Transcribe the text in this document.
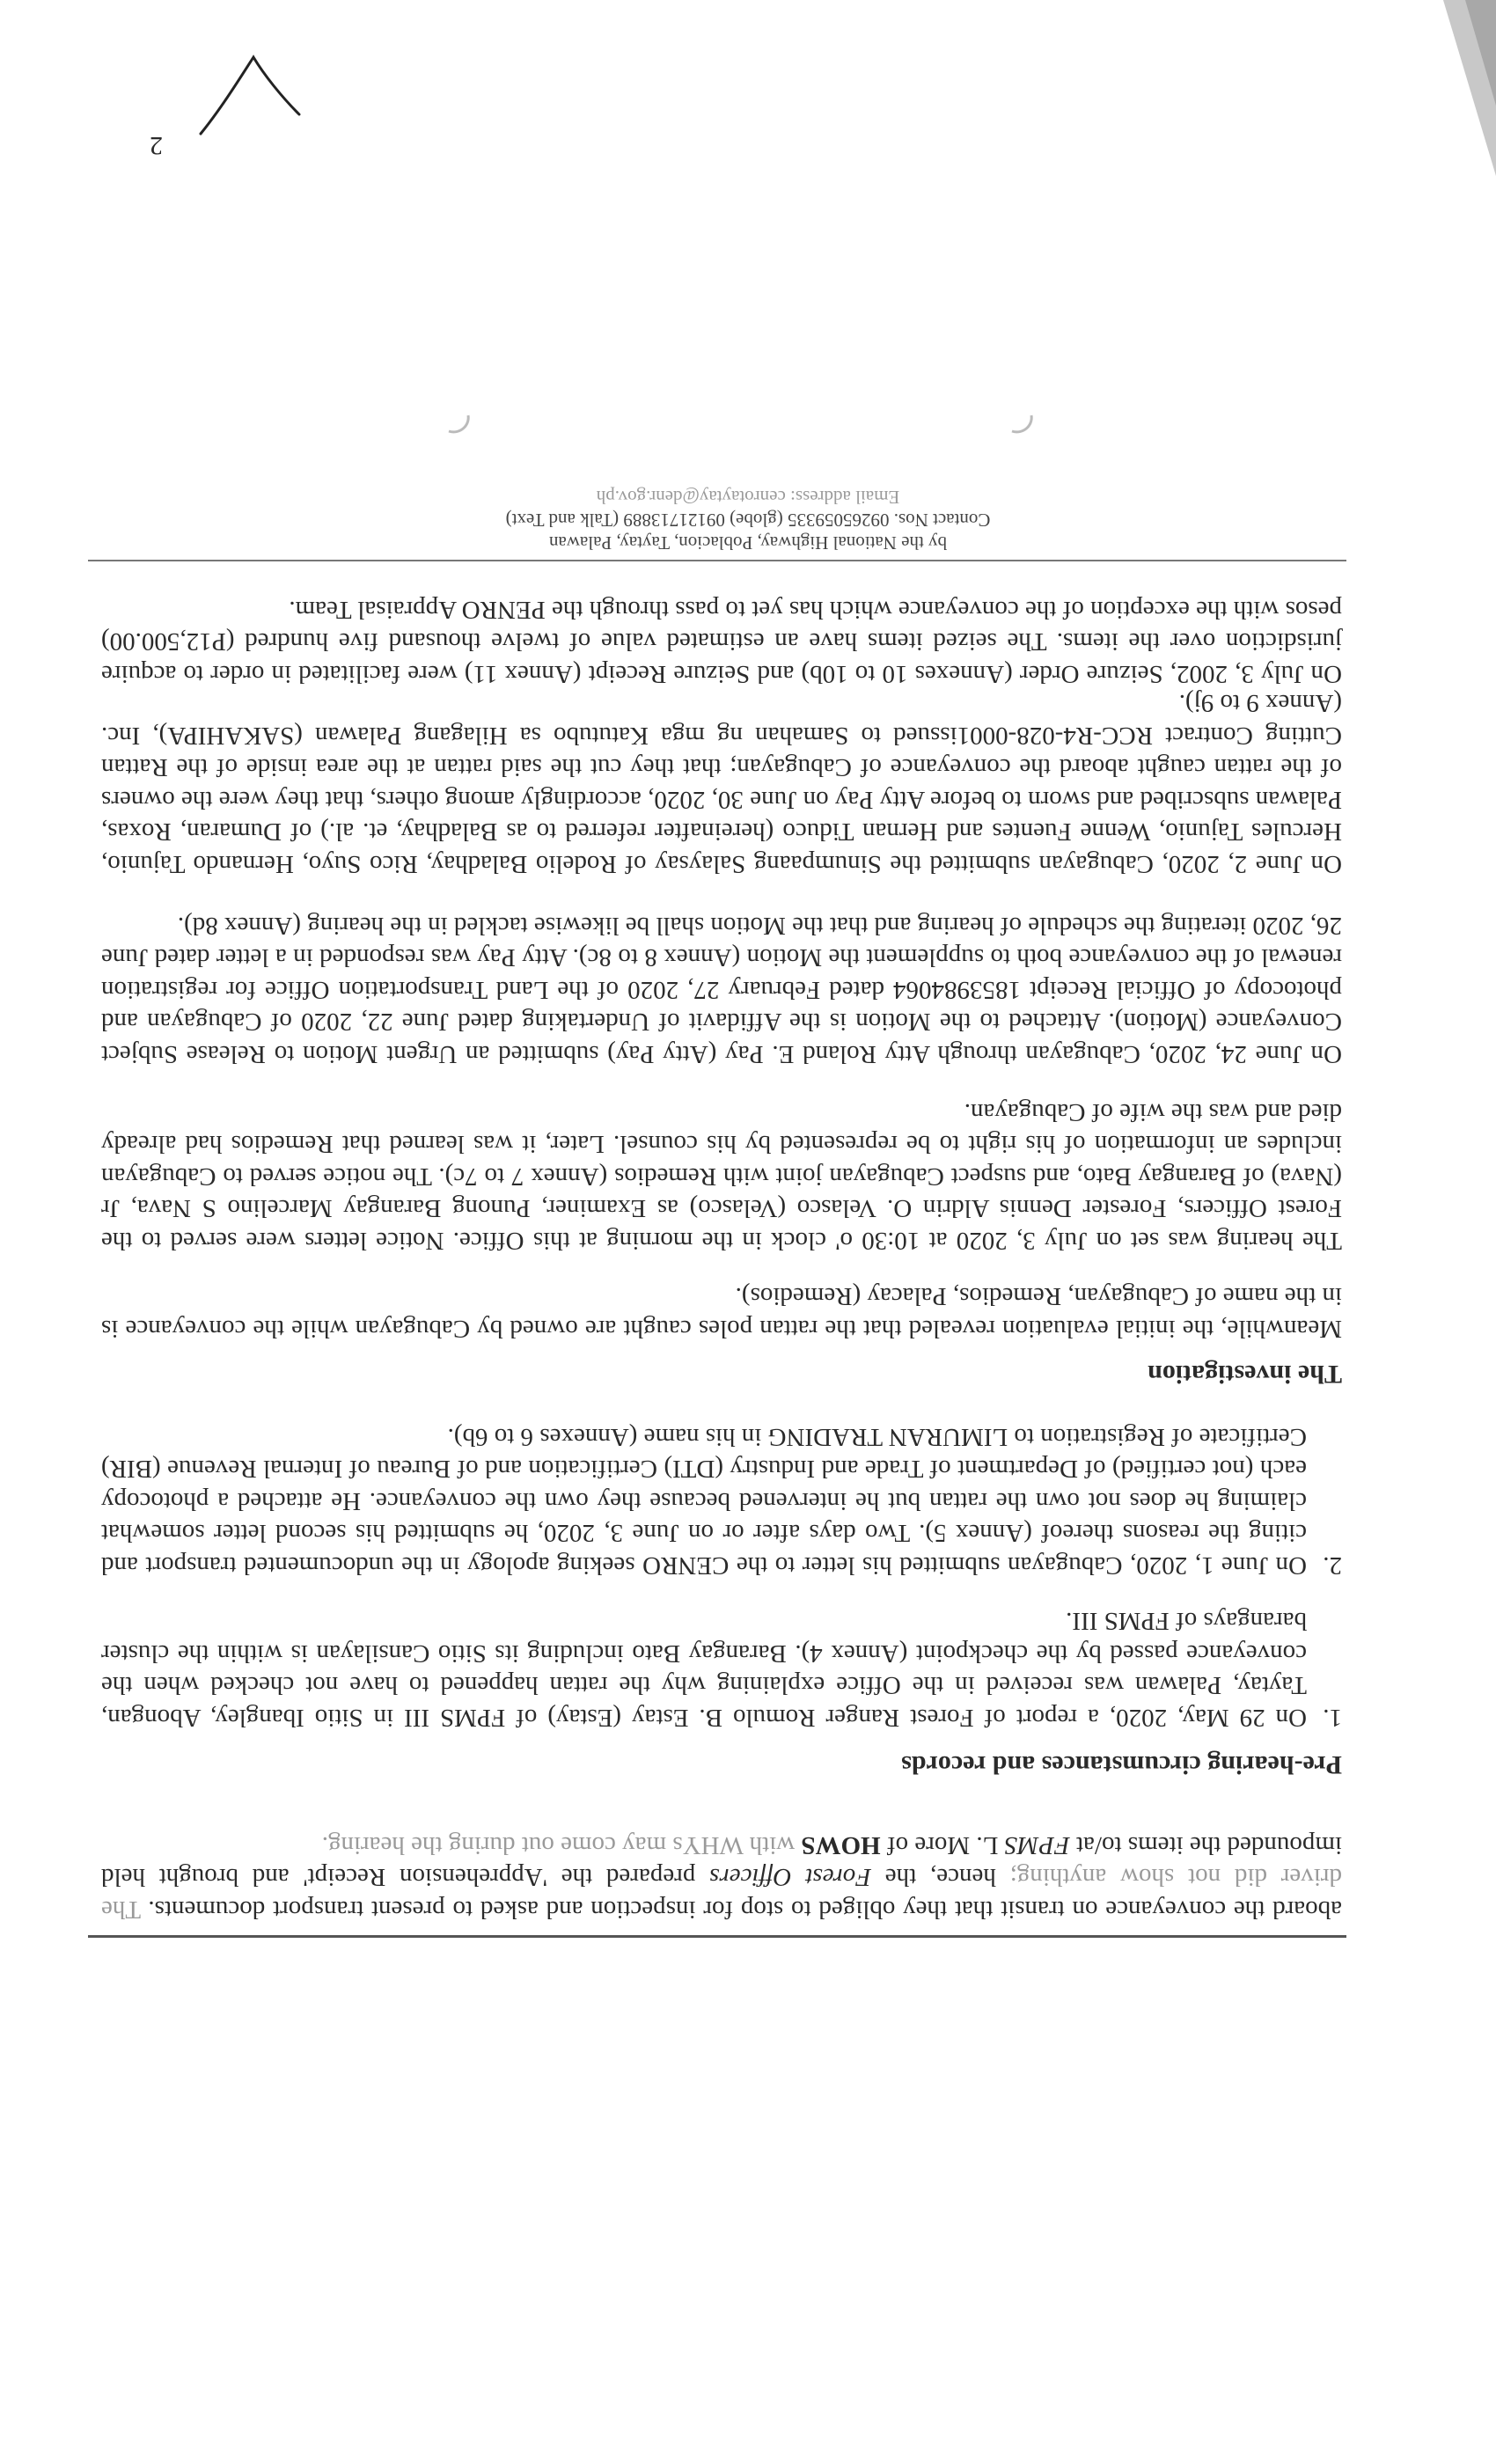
aboard the conveyance on transit that they obliged to stop for inspection and asked to present transport documents. The driver did not show anything; hence, the Forest Officers prepared the 'Apprehension Receipt' and brought held impounded the items to/at FPMS L. More of HOWS with WHYs may come out during the hearing.

Pre-hearing circumstances and records
1.

On 29 May, 2020, a report of Forest Ranger Romulo B. Estay (Estay) of FPMS III in Sitio Ibangley, Abongan, Taytay, Palawan was received in the Office explaining why the rattan happened to have not checked when the conveyance passed by the checkpoint (Annex 4). Barangay Bato including its Sitio Cansilayan is within the cluster barangays of FPMS III.

2.

On June 1, 2020, Cabugayan submitted his letter to the CENRO seeking apology in the undocumented transport and citing the reasons thereof (Annex 5). Two days after or on June 3, 2020, he submitted his second letter somewhat claiming he does not own the rattan but he intervened because they own the conveyance. He attached a photocopy each (not certified) of Department of Trade and Industry (DTI) Certification and of Bureau of Internal Revenue (BIR) Certificate of Registration to LIMURAN TRADING in his name (Annexes 6 to 6b).

The investigation

Meanwhile, the initial evaluation revealed that the rattan poles caught are owned by Cabugayan while the conveyance is in the name of Cabugayan, Remedios, Palacay (Remedios).

The hearing was set on July 3, 2020 at 10:30 o' clock in the morning at this Office. Notice letters were served to the Forest Officers, Forester Dennis Aldrin O. Velasco (Velasco) as Examiner, Punong Barangay Marcelino S Nava, Jr (Nava) of Barangay Bato, and suspect Cabugayan joint with Remedios (Annex 7 to 7c). The notice served to Cabugayan includes an information of his right to be represented by his counsel. Later, it was learned that Remedios had already died and was the wife of Cabugayan.

On June 24, 2020, Cabugayan through Atty Roland E. Pay (Atty Pay) submitted an Urgent Motion to Release Subject Conveyance (Motion). Attached to the Motion is the Affidavit of Undertaking dated June 22, 2020 of Cabugayan and photocopy of Official Receipt 1853984064 dated February 27, 2020 of the Land Transportation Office for registration renewal of the conveyance both to supplement the Motion (Annex 8 to 8c). Atty Pay was responded in a letter dated June 26, 2020 iterating the schedule of hearing and that the Motion shall be likewise tackled in the hearing (Annex 8d).

On June 2, 2020, Cabugayan submitted the Sinumpaang Salaysay of Rodelio Baladhay, Rico Suyo, Hernando Tajunio, Hercules Tajunio, Wenne Fuentes and Hernan Tiduco (hereinafter referred to as Baladhay, et. al.) of Dumaran, Roxas, Palawan subscribed and sworn to before Atty Pay on June 30, 2020, accordingly among others, that they were the owners of the rattan caught aboard the conveyance of Cabugayan; that they cut the said rattan at the area inside of the Rattan Cutting Contract RCC-R4-028-0001issued to Samahan ng mga Katutubo sa Hilagang Palawan (SAKAHIPA), Inc. (Annex 9 to 9j).

On July 3, 2002, Seizure Order (Annexes 10 to 10b) and Seizure Receipt (Annex 11) were facilitated in order to acquire jurisdiction over the items. The seized items have an estimated value of twelve thousand five hundred (P12,500.00) pesos with the exception of the conveyance which has yet to pass through the PENRO Appraisal Team.

by the National Highway, Poblacion, Taytay, Palawan
Contact Nos. 09265059335 (globe) 09121713889 (Talk and Text)
Email address: cenrotaytay@denr.gov.ph
2
